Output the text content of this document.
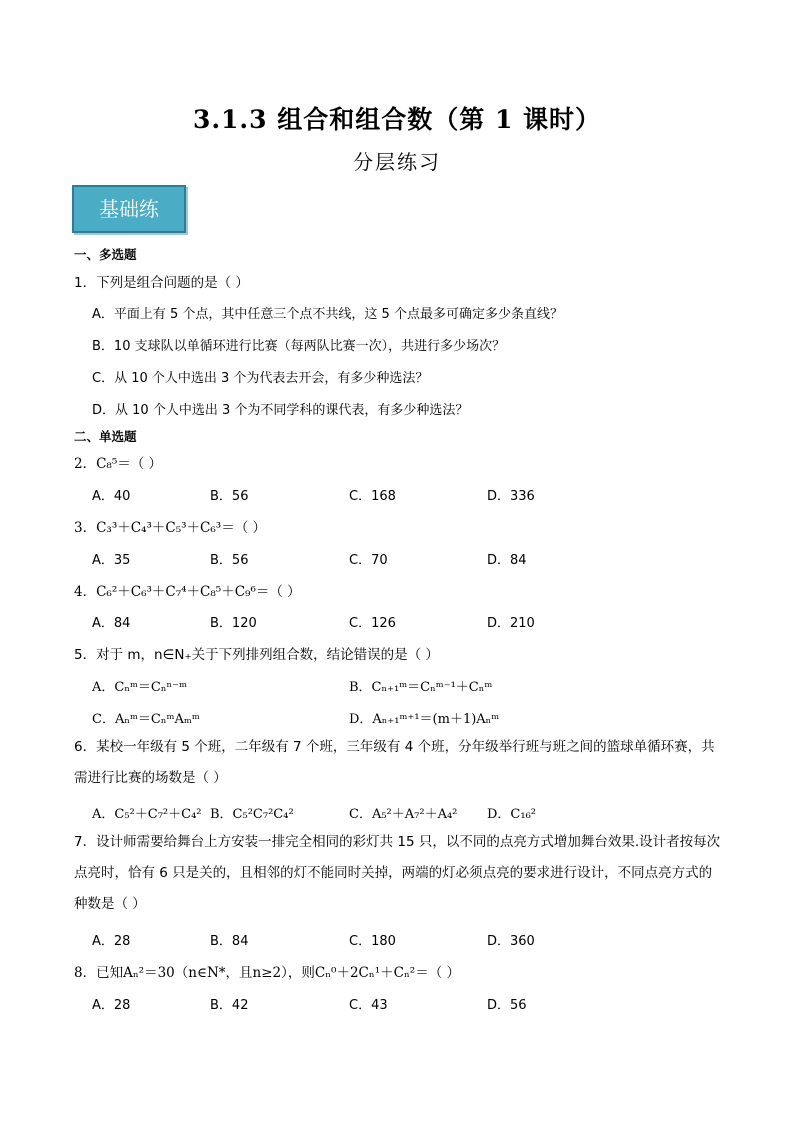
3.1.3 组合和组合数（第 1 课时）
分层练习
基础练
一、多选题
1．下列是组合问题的是（ ）
A．平面上有 5 个点，其中任意三个点不共线，这 5 个点最多可确定多少条直线？
B．10 支球队以单循环进行比赛（每两队比赛一次），共进行多少场次？
C．从 10 个人中选出 3 个为代表去开会，有多少种选法？
D．从 10 个人中选出 3 个为不同学科的课代表，有多少种选法？
二、单选题
2．C₈⁵＝（ ）
A．40	B．56	C．168	D．336
3．C₃³＋C₄³＋C₅³＋C₆³＝（ ）
A．35	B．56	C．70	D．84
4．C₆²＋C₆³＋C₇⁴＋C₈⁵＋C₉⁶＝（ ）
A．84	B．120	C．126	D．210
5．对于 m，n∈N₊关于下列排列组合数，结论错误的是（ ）
A．Cₙᵐ＝Cₙⁿ⁻ᵐ	B．Cₙ₊₁ᵐ＝Cₙᵐ⁻¹＋Cₙᵐ
C．Aₙᵐ＝CₙᵐAₘᵐ	D．Aₙ₊₁ᵐ⁺¹＝(m＋1)Aₙᵐ
6．某校一年级有 5 个班，二年级有 7 个班，三年级有 4 个班，分年级举行班与班之间的篮球单循环赛，共需进行比赛的场数是（ ）
A．C₅²＋C₇²＋C₄² B．C₅²C₇²C₄²	C．A₅²＋A₇²＋A₄² D．C₁₆²
7．设计师需要给舞台上方安装一排完全相同的彩灯共 15 只，以不同的点亮方式增加舞台效果.设计者按每次点亮时，恰有 6 只是关的，且相邻的灯不能同时关掉，两端的灯必须点亮的要求进行设计，不同点亮方式的种数是（ ）
A．28	B．84	C．180	D．360
8．已知Aₙ²＝30（n∈N*，且n≥2），则Cₙ⁰＋2Cₙ¹＋Cₙ²＝（ ）
A．28	B．42	C．43	D．56
